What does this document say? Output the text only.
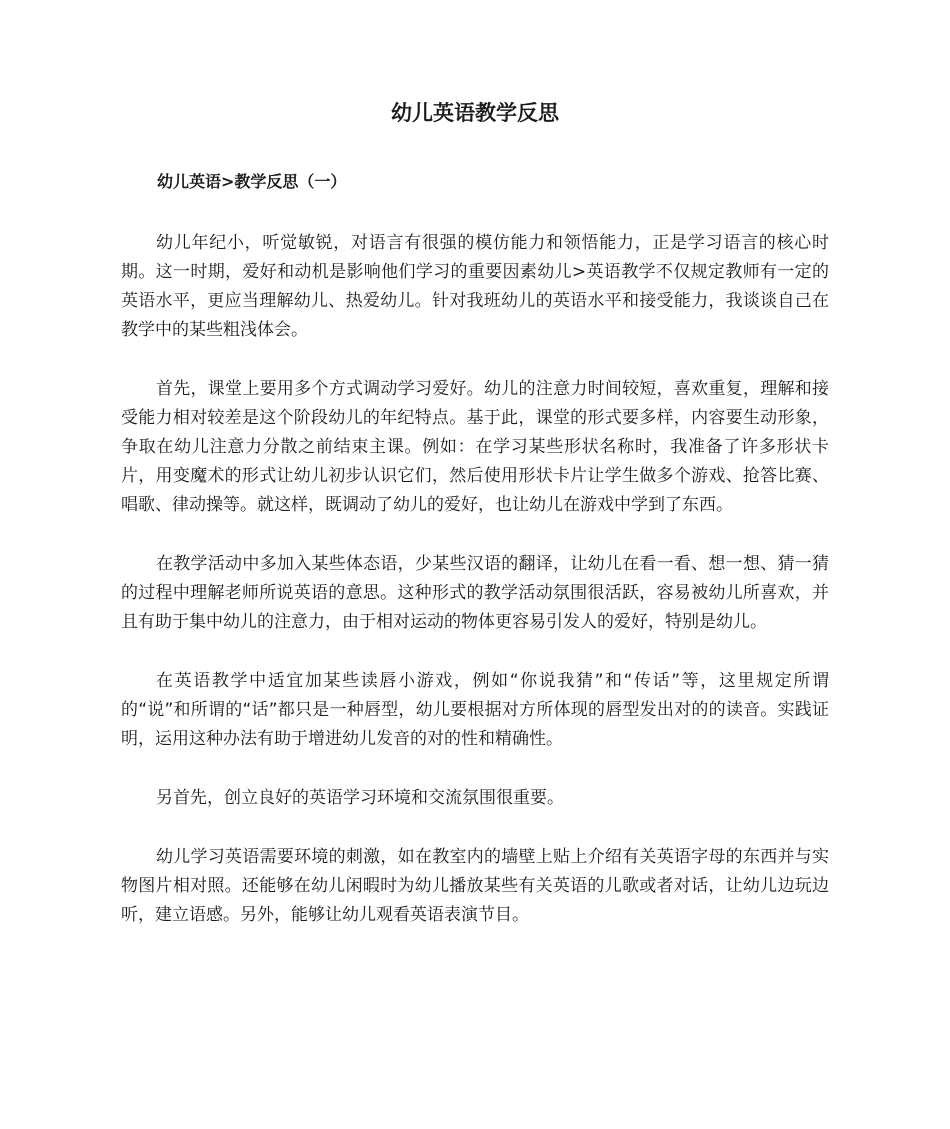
幼儿英语教学反思
幼儿英语>教学反思（一）

幼儿年纪小，听觉敏锐，对语言有很强的模仿能力和领悟能力，正是学习语言的核心时期。这一时期，爱好和动机是影响他们学习的重要因素幼儿>英语教学不仅规定教师有一定的英语水平，更应当理解幼儿、热爱幼儿。针对我班幼儿的英语水平和接受能力，我谈谈自己在教学中的某些粗浅体会。

首先，课堂上要用多个方式调动学习爱好。幼儿的注意力时间较短，喜欢重复，理解和接受能力相对较差是这个阶段幼儿的年纪特点。基于此，课堂的形式要多样，内容要生动形象，争取在幼儿注意力分散之前结束主课。例如：在学习某些形状名称时，我准备了许多形状卡片，用变魔术的形式让幼儿初步认识它们，然后使用形状卡片让学生做多个游戏、抢答比赛、唱歌、律动操等。就这样，既调动了幼儿的爱好，也让幼儿在游戏中学到了东西。

在教学活动中多加入某些体态语，少某些汉语的翻译，让幼儿在看一看、想一想、猜一猜的过程中理解老师所说英语的意思。这种形式的教学活动氛围很活跃，容易被幼儿所喜欢，并且有助于集中幼儿的注意力，由于相对运动的物体更容易引发人的爱好，特别是幼儿。

在英语教学中适宜加某些读唇小游戏，例如“你说我猜”和“传话”等，这里规定所谓的“说”和所谓的“话”都只是一种唇型，幼儿要根据对方所体现的唇型发出对的的读音。实践证明，运用这种办法有助于增进幼儿发音的对的性和精确性。

另首先，创立良好的英语学习环境和交流氛围很重要。

幼儿学习英语需要环境的刺激，如在教室内的墙壁上贴上介绍有关英语字母的东西并与实物图片相对照。还能够在幼儿闲暇时为幼儿播放某些有关英语的儿歌或者对话，让幼儿边玩边听，建立语感。另外，能够让幼儿观看英语表演节目。
